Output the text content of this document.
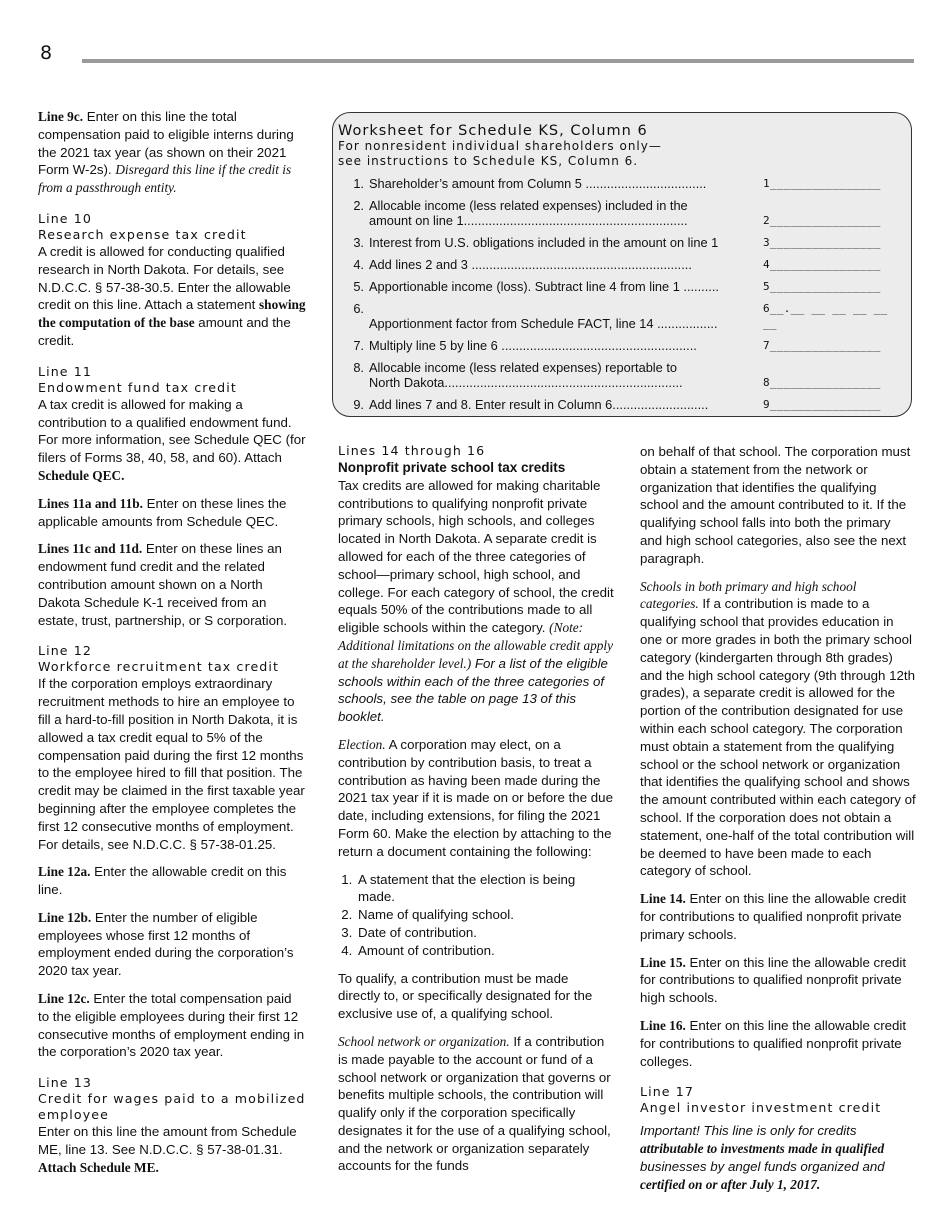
8

Line 9c. Enter on this line the total compensation paid to eligible interns during the 2021 tax year (as shown on their 2021 Form W-2s). Disregard this line if the credit is from a passthrough entity.

Line 10
Research expense tax credit

A credit is allowed for conducting qualified research in North Dakota. For details, see N.D.C.C. § 57-38-30.5. Enter the allowable credit on this line. Attach a statement showing the computation of the base amount and the credit.

Line 11
Endowment fund tax credit

A tax credit is allowed for making a contribution to a qualified endowment fund. For more information, see Schedule QEC (for filers of Forms 38, 40, 58, and 60). Attach Schedule QEC.

Lines 11a and 11b. Enter on these lines the applicable amounts from Schedule QEC.

Lines 11c and 11d. Enter on these lines an endowment fund credit and the related contribution amount shown on a North Dakota Schedule K-1 received from an estate, trust, partnership, or S corporation.

Line 12
Workforce recruitment tax credit

If the corporation employs extraordinary recruitment methods to hire an employee to fill a hard-to-fill position in North Dakota, it is allowed a tax credit equal to 5% of the compensation paid during the first 12 months to the employee hired to fill that position. The credit may be claimed in the first taxable year beginning after the employee completes the first 12 consecutive months of employment. For details, see N.D.C.C. § 57-38-01.25.

Line 12a. Enter the allowable credit on this line.

Line 12b. Enter the number of eligible employees whose first 12 months of employment ended during the corporation’s 2020 tax year.

Line 12c. Enter the total compensation paid to the eligible employees during their first 12 consecutive months of employment ending in the corporation’s 2020 tax year.

Line 13
Credit for wages paid to a mobilized employee

Enter on this line the amount from Schedule ME, line 13. See N.D.C.C. § 57-38-01.31. Attach Schedule ME.

Worksheet for Schedule KS, Column 6
For nonresident individual shareholders only—
see instructions to Schedule KS, Column 6.
1. Shareholder’s amount from Column 5 ..................................	1________________
2. Allocable income (less related expenses) included in the
amount on line 1...............................................................	2________________
3. Interest from U.S. obligations included in the amount on line 1	3________________
4. Add lines 2 and 3 ..............................................................	4________________
5. Apportionable income (loss). Subtract line 4 from line 1 ..........	5________________
6.
Apportionment factor from Schedule FACT, line 14 .................
6__.__ __ __ __ __ __
7. Multiply line 5 by line 6 .......................................................	7________________
8. Allocable income (less related expenses) reportable to
North Dakota...................................................................	8________________
9. Add lines 7 and 8. Enter result in Column 6...........................	9________________
Lines 14 through 16
Nonprofit private school tax credits

Tax credits are allowed for making charitable contributions to qualifying nonprofit private primary schools, high schools, and colleges located in North Dakota. A separate credit is allowed for each of the three categories of school—primary school, high school, and college. For each category of school, the credit equals 50% of the contributions made to all eligible schools within the category. (Note: Additional limitations on the allowable credit apply at the shareholder level.) For a list of the eligible schools within each of the three categories of schools, see the table on page 13 of this booklet.

Election. A corporation may elect, on a contribution by contribution basis, to treat a contribution as having been made during the 2021 tax year if it is made on or before the due date, including extensions, for filing the 2021 Form 60. Make the election by attaching to the return a document containing the following:

1. A statement that the election is being made.
2. Name of qualifying school.
3. Date of contribution.
4. Amount of contribution.

To qualify, a contribution must be made directly to, or specifically designated for the exclusive use of, a qualifying school.

School network or organization. If a contribution is made payable to the account or fund of a school network or organization that governs or benefits multiple schools, the contribution will qualify only if the corporation specifically designates it for the use of a qualifying school, and the network or organization separately accounts for the funds

on behalf of that school. The corporation must obtain a statement from the network or organization that identifies the qualifying school and the amount contributed to it. If the qualifying school falls into both the primary and high school categories, also see the next paragraph.

Schools in both primary and high school categories. If a contribution is made to a qualifying school that provides education in one or more grades in both the primary school category (kindergarten through 8th grades) and the high school category (9th through 12th grades), a separate credit is allowed for the portion of the contribution designated for use within each school category. The corporation must obtain a statement from the qualifying school or the school network or organization that identifies the qualifying school and shows the amount contributed within each category of school. If the corporation does not obtain a statement, one-half of the total contribution will be deemed to have been made to each category of school.

Line 14. Enter on this line the allowable credit for contributions to qualified nonprofit private primary schools.

Line 15. Enter on this line the allowable credit for contributions to qualified nonprofit private high schools.

Line 16. Enter on this line the allowable credit for contributions to qualified nonprofit private colleges.

Line 17
Angel investor investment credit

Important! This line is only for credits attributable to investments made in qualified businesses by angel funds organized and certified on or after July 1, 2017.
